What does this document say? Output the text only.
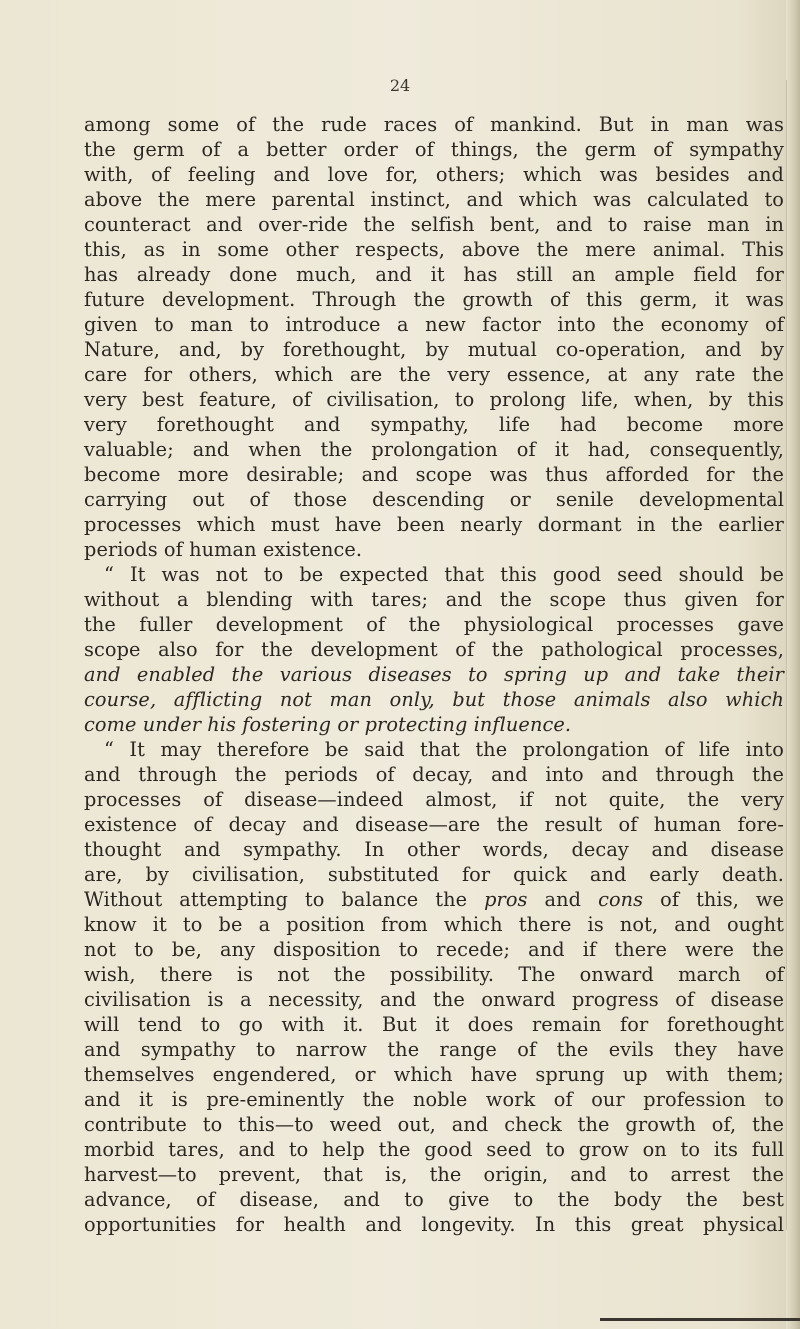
24
among some of the rude races of mankind. But in man was
the germ of a better order of things, the germ of sympathy
with, of feeling and love for, others; which was besides and
above the mere parental instinct, and which was calculated to
counteract and over-ride the selfish bent, and to raise man in
this, as in some other respects, above the mere animal. This
has already done much, and it has still an ample field for
future development. Through the growth of this germ, it was
given to man to introduce a new factor into the economy of
Nature, and, by forethought, by mutual co-operation, and by
care for others, which are the very essence, at any rate the
very best feature, of civilisation, to prolong life, when, by this
very forethought and sympathy, life had become more
valuable; and when the prolongation of it had, consequently,
become more desirable; and scope was thus afforded for the
carrying out of those descending or senile developmental
processes which must have been nearly dormant in the earlier
periods of human existence.
“ It was not to be expected that this good seed should be
without a blending with tares; and the scope thus given for
the fuller development of the physiological processes gave
scope also for the development of the pathological processes,
and enabled the various diseases to spring up and take their
course, afflicting not man only, but those animals also which
come under his fostering or protecting influence.
“ It may therefore be said that the prolongation of life into
and through the periods of decay, and into and through the
processes of disease—indeed almost, if not quite, the very
existence of decay and disease—are the result of human fore-
thought and sympathy. In other words, decay and disease
are, by civilisation, substituted for quick and early death.
Without attempting to balance the pros and cons of this, we
know it to be a position from which there is not, and ought
not to be, any disposition to recede; and if there were the
wish, there is not the possibility. The onward march of
civilisation is a necessity, and the onward progress of disease
will tend to go with it. But it does remain for forethought
and sympathy to narrow the range of the evils they have
themselves engendered, or which have sprung up with them;
and it is pre-eminently the noble work of our profession to
contribute to this—to weed out, and check the growth of, the
morbid tares, and to help the good seed to grow on to its full
harvest—to prevent, that is, the origin, and to arrest the
advance, of disease, and to give to the body the best
opportunities for health and longevity. In this great physical
